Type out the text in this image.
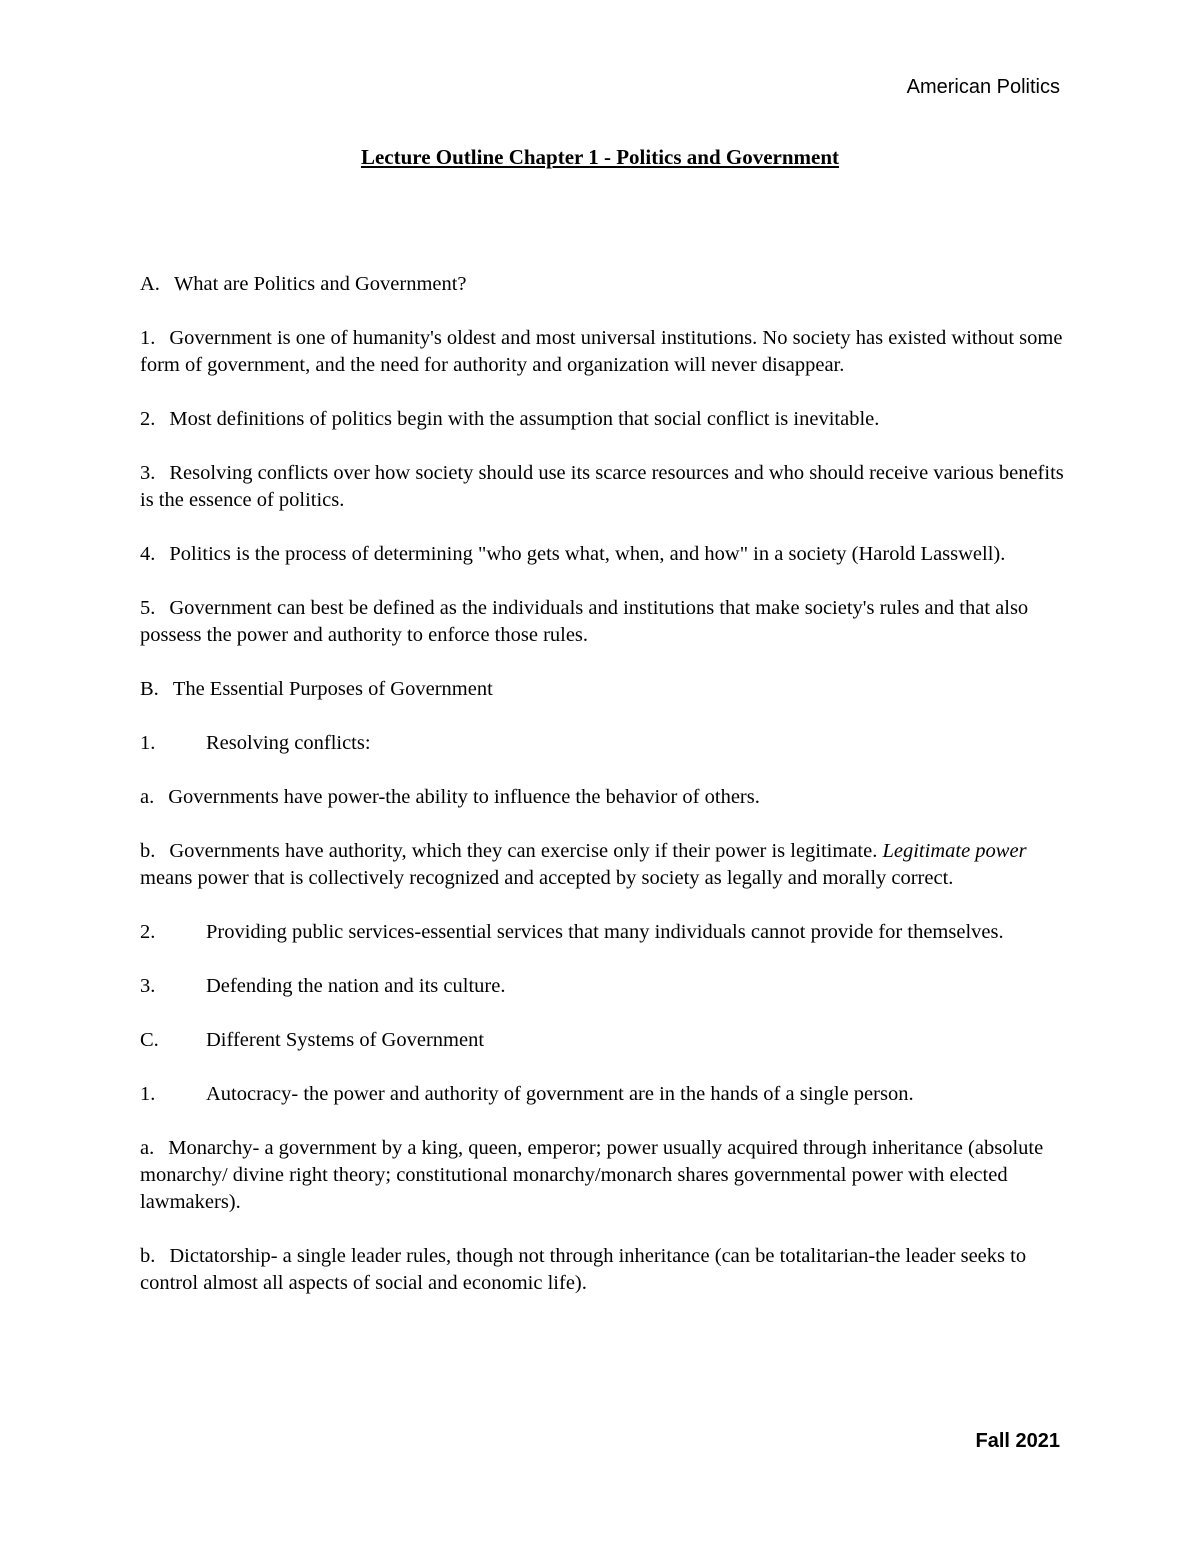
American Politics
Lecture Outline Chapter 1 - Politics and Government

A. What are Politics and Government?

1. Government is one of humanity's oldest and most universal institutions. No society has existed without some form of government, and the need for authority and organization will never disappear.

2. Most definitions of politics begin with the assumption that social conflict is inevitable.

3. Resolving conflicts over how society should use its scarce resources and who should receive various benefits is the essence of politics.

4. Politics is the process of determining "who gets what, when, and how" in a society (Harold Lasswell).

5. Government can best be defined as the individuals and institutions that make society's rules and that also possess the power and authority to enforce those rules.

B. The Essential Purposes of Government

1. Resolving conflicts:

a. Governments have power-the ability to influence the behavior of others.

b. Governments have authority, which they can exercise only if their power is legitimate. Legitimate power means power that is collectively recognized and accepted by society as legally and morally correct.

2. Providing public services-essential services that many individuals cannot provide for themselves.

3. Defending the nation and its culture.

C. Different Systems of Government

1. Autocracy- the power and authority of government are in the hands of a single person.

a. Monarchy- a government by a king, queen, emperor; power usually acquired through inheritance (absolute monarchy/ divine right theory; constitutional monarchy/monarch shares governmental power with elected lawmakers).

b. Dictatorship- a single leader rules, though not through inheritance (can be totalitarian-the leader seeks to control almost all aspects of social and economic life).

Fall 2021
